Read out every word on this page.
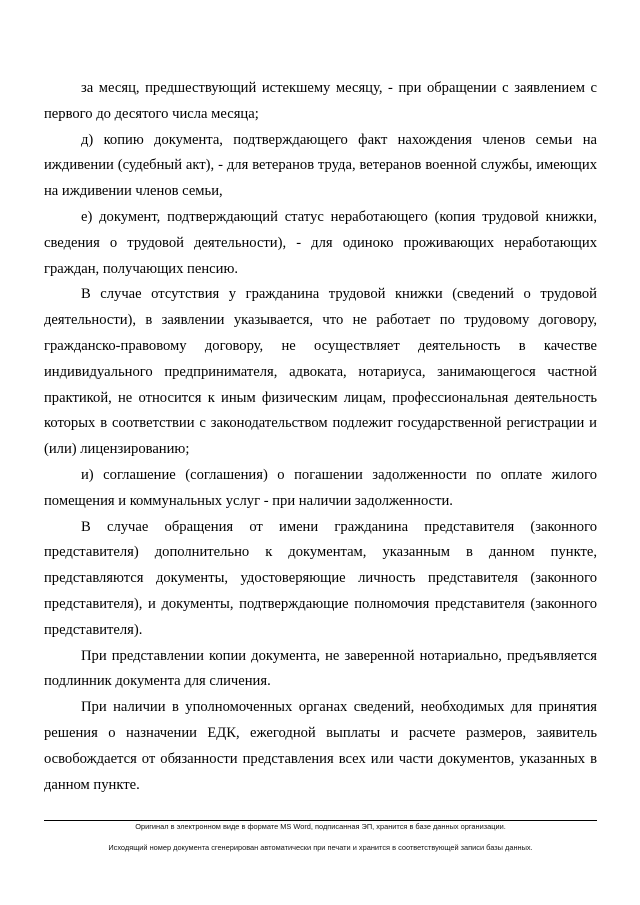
за месяц, предшествующий истекшему месяцу, - при обращении с заявлением с первого до десятого числа месяца;

д) копию документа, подтверждающего факт нахождения членов семьи на иждивении (судебный акт), - для ветеранов труда, ветеранов военной службы, имеющих на иждивении членов семьи,

е) документ, подтверждающий статус неработающего (копия трудовой книжки, сведения о трудовой деятельности), - для одиноко проживающих неработающих граждан, получающих пенсию.

В случае отсутствия у гражданина трудовой книжки (сведений о трудовой деятельности), в заявлении указывается, что не работает по трудовому договору, гражданско-правовому договору, не осуществляет деятельность в качестве индивидуального предпринимателя, адвоката, нотариуса, занимающегося частной практикой, не относится к иным физическим лицам, профессиональная деятельность которых в соответствии с законодательством подлежит государственной регистрации и (или) лицензированию;

и) соглашение (соглашения) о погашении задолженности по оплате жилого помещения и коммунальных услуг - при наличии задолженности.

В случае обращения от имени гражданина представителя (законного представителя) дополнительно к документам, указанным в данном пункте, представляются документы, удостоверяющие личность представителя (законного представителя), и документы, подтверждающие полномочия представителя (законного представителя).

При представлении копии документа, не заверенной нотариально, предъявляется подлинник документа для сличения.

При наличии в уполномоченных органах сведений, необходимых для принятия решения о назначении ЕДК, ежегодной выплаты и расчете размеров, заявитель освобождается от обязанности представления всех или части документов, указанных в данном пункте.

Оригинал в электронном виде в формате MS Word, подписанная ЭП, хранится в базе данных организации.
Исходящий номер документа сгенерирован автоматически при печати и хранится в соответствующей записи базы данных.
